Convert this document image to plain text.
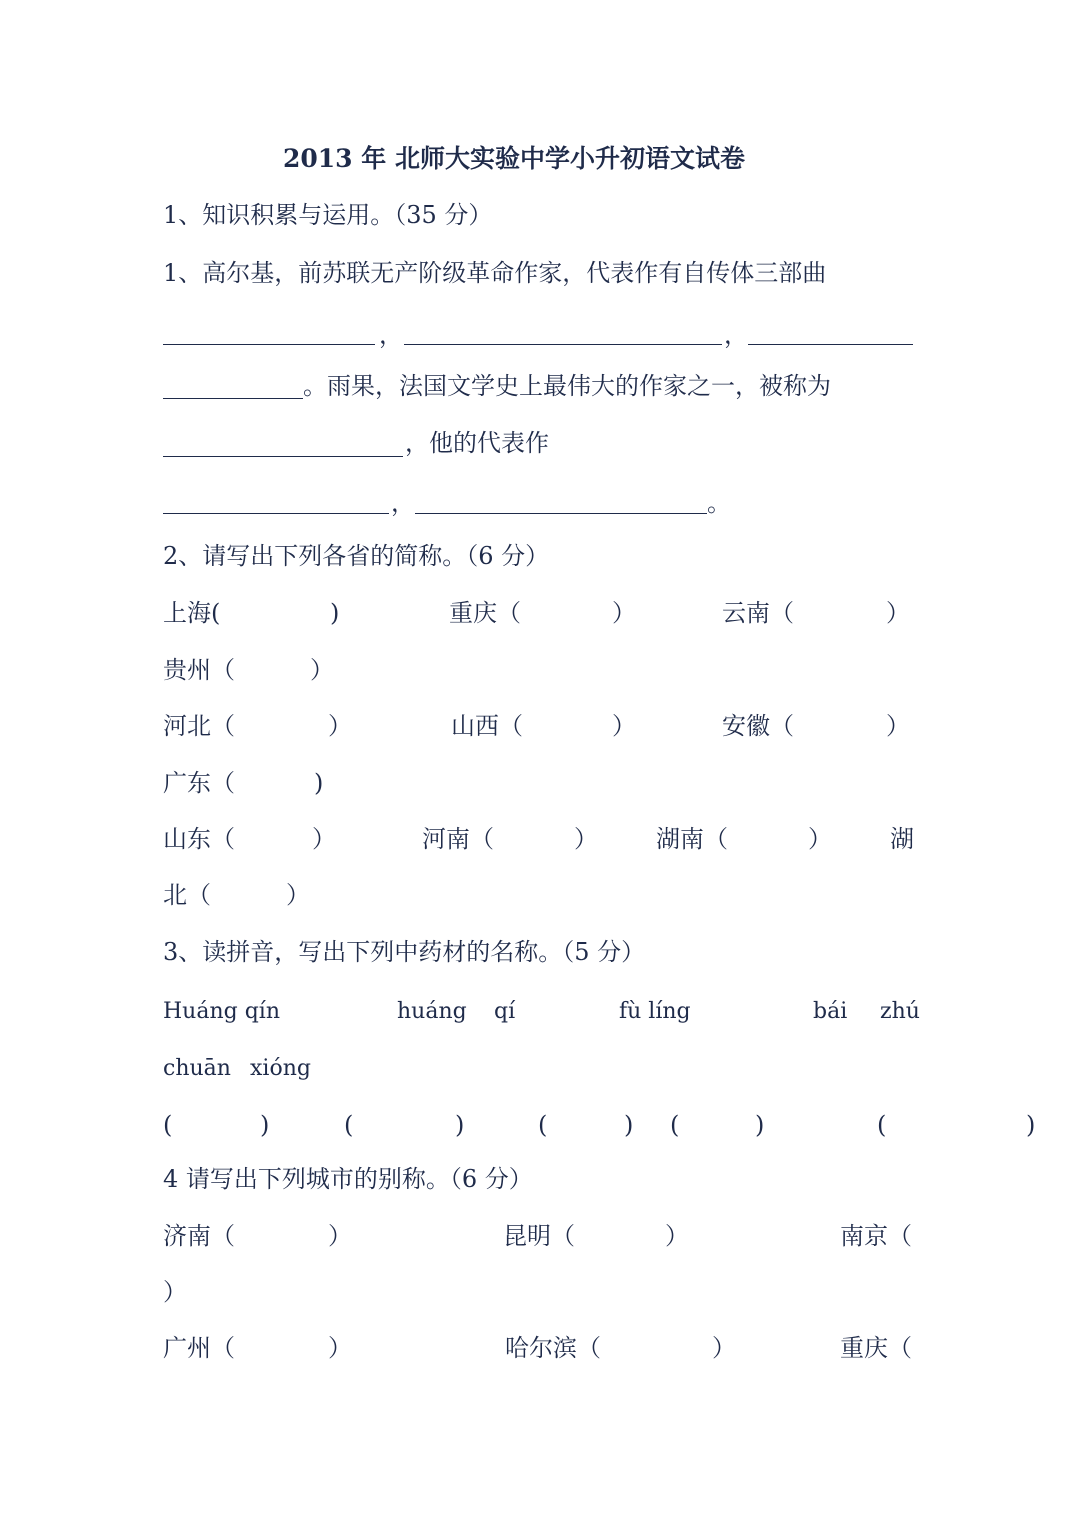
2013 年 北师大实验中学小升初语文试卷
1、知识积累与运用。（35 分）
1、高尔基，前苏联无产阶级革命作家，代表作有自传体三部曲
，	，
。雨果，法国文学史上最伟大的作家之一，被称为
，他的代表作
，	。
2、请写出下列各省的简称。（6 分）
上海(	)	重庆（	）	云南（	）
贵州（	）
河北（	）	山西（	）	安徽（	）
广东（	)
山东（	）	河南（	） 湖南（	） 湖
北（	）
3、读拼音，写出下列中药材的名称。（5 分）
Huáng qín	huáng qí	fù líng	bái zhú
chuān xióng
(	)	(	)	(	) (	)	(	)
4 请写出下列城市的别称。（6 分）
济南（	）	昆明（	）	南京（
）
广州（	）	哈尔滨（	）	重庆（
